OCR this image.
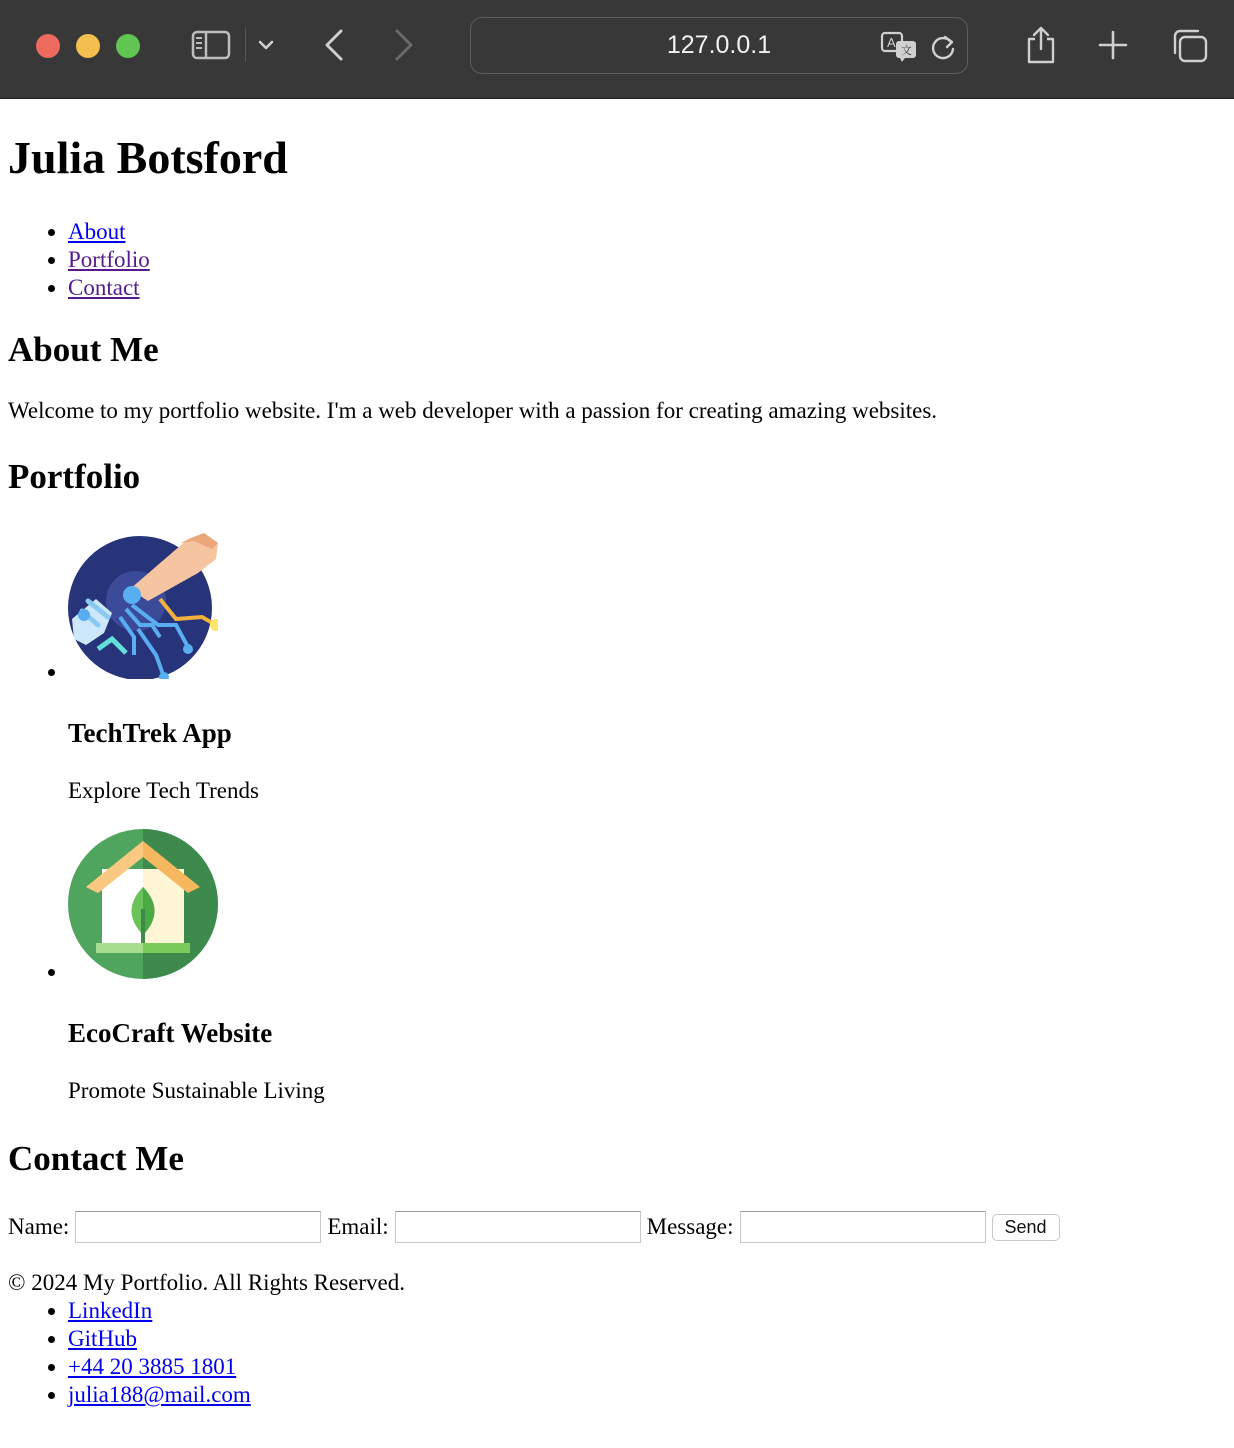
127.0.0.1	A
文
Julia Botsford
• About
• Portfolio
• Contact
About Me

Welcome to my portfolio website. I'm a web developer with a passion for creating amazing websites.

Portfolio
• TechTrek App

Explore Tech Trends

• EcoCraft Website

Promote Sustainable Living

Contact Me
Name:	Email:	Message:	Send

© 2024 My Portfolio. All Rights Reserved.

• LinkedIn
• GitHub
• +44 20 3885 1801
• julia188@mail.com
